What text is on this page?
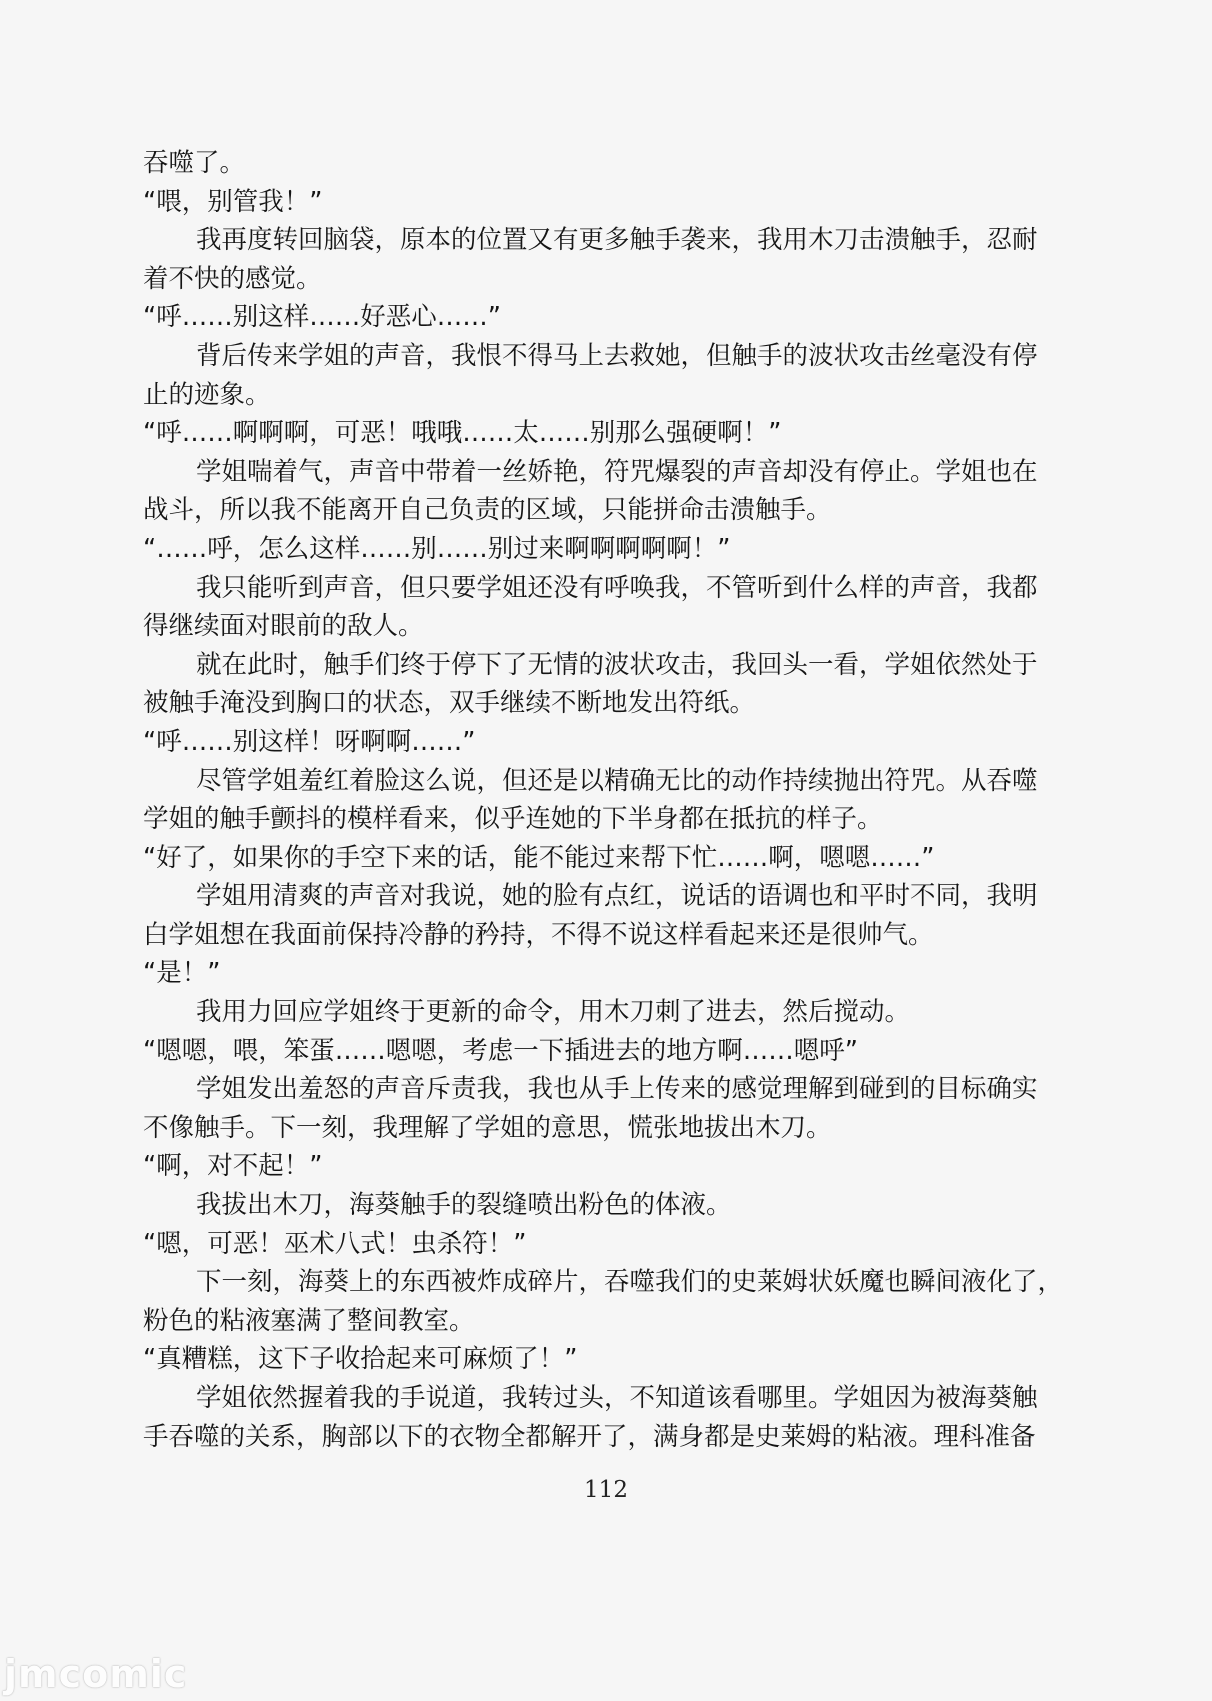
吞噬了。
“喂，别管我！”
我再度转回脑袋，原本的位置又有更多触手袭来，我用木刀击溃触手，忍耐
着不快的感觉。
“呼……别这样……好恶心……”
背后传来学姐的声音，我恨不得马上去救她，但触手的波状攻击丝毫没有停
止的迹象。
“呼……啊啊啊，可恶！哦哦……太……别那么强硬啊！”
学姐喘着气，声音中带着一丝娇艳，符咒爆裂的声音却没有停止。学姐也在
战斗，所以我不能离开自己负责的区域，只能拼命击溃触手。
“……呼，怎么这样……别……别过来啊啊啊啊啊！”
我只能听到声音，但只要学姐还没有呼唤我，不管听到什么样的声音，我都
得继续面对眼前的敌人。
就在此时，触手们终于停下了无情的波状攻击，我回头一看，学姐依然处于
被触手淹没到胸口的状态，双手继续不断地发出符纸。
“呼……别这样！呀啊啊……”
尽管学姐羞红着脸这么说，但还是以精确无比的动作持续抛出符咒。从吞噬
学姐的触手颤抖的模样看来，似乎连她的下半身都在抵抗的样子。
“好了，如果你的手空下来的话，能不能过来帮下忙……啊，嗯嗯……”
学姐用清爽的声音对我说，她的脸有点红，说话的语调也和平时不同，我明
白学姐想在我面前保持冷静的矜持，不得不说这样看起来还是很帅气。
“是！”
我用力回应学姐终于更新的命令，用木刀刺了进去，然后搅动。
“嗯嗯，喂，笨蛋……嗯嗯，考虑一下插进去的地方啊……嗯呼”
学姐发出羞怒的声音斥责我，我也从手上传来的感觉理解到碰到的目标确实
不像触手。下一刻，我理解了学姐的意思，慌张地拔出木刀。
“啊，对不起！”
我拔出木刀，海葵触手的裂缝喷出粉色的体液。
“嗯，可恶！巫术八式！虫杀符！”
下一刻，海葵上的东西被炸成碎片，吞噬我们的史莱姆状妖魔也瞬间液化了，
粉色的粘液塞满了整间教室。
“真糟糕，这下子收拾起来可麻烦了！”
学姐依然握着我的手说道，我转过头，不知道该看哪里。学姐因为被海葵触
手吞噬的关系，胸部以下的衣物全都解开了，满身都是史莱姆的粘液。理科准备
112
jmcomic
